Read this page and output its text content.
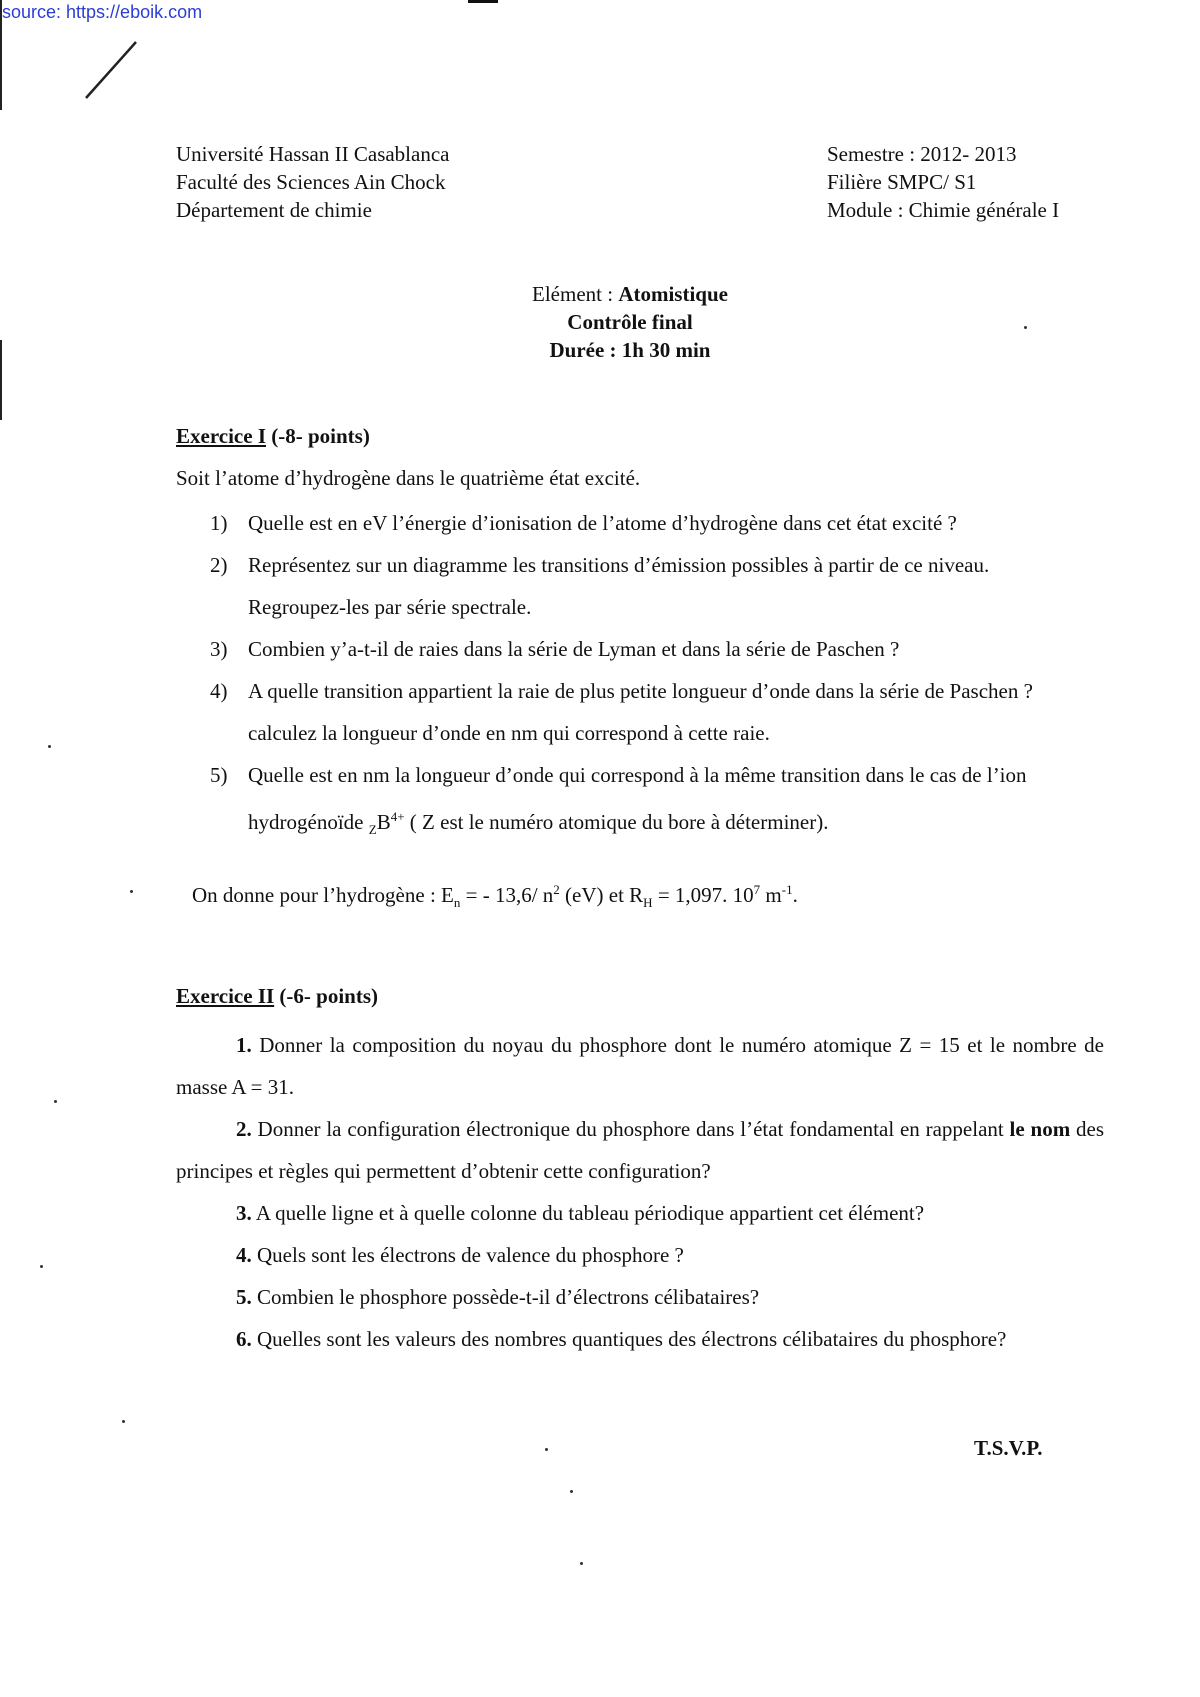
source: https://eboik.com
Université Hassan II Casablanca
Faculté des Sciences Ain Chock
Département de chimie
Semestre : 2012- 2013
Filière SMPC/ S1
Module : Chimie générale I
Elément : Atomistique
Contrôle final
Durée : 1h 30 min
Exercice I (-8- points)
Soit l’atome d’hydrogène dans le quatrième état excité.
1) Quelle est en eV l’énergie d’ionisation de l’atome d’hydrogène dans cet état excité ?
2) Représentez sur un diagramme les transitions d’émission possibles à partir de ce niveau. Regroupez-les par série spectrale.
3) Combien y’a-t-il de raies dans la série de Lyman et dans la série de Paschen ?
4) A quelle transition appartient la raie de plus petite longueur d’onde dans la série de Paschen ? calculez la longueur d’onde en nm qui correspond à cette raie.
5) Quelle est en nm la longueur d’onde qui correspond à la même transition dans le cas de l’ion hydrogénoïde $_ZB^{4+}$ ( Z est le numéro atomique du bore à déterminer).
On donne pour l’hydrogène : $E_n$ = - 13,6/ $n^2$ (eV) et $R_H = 1,097$. $10^7$ $m^{-1}$.
Exercice II (-6- points)

1. Donner la composition du noyau du phosphore dont le numéro atomique Z = 15 et le nombre de masse A = 31.

2. Donner la configuration électronique du phosphore dans l’état fondamental en rappelant le nom des principes et règles qui permettent d’obtenir cette configuration?

3. A quelle ligne et à quelle colonne du tableau périodique appartient cet élément?

4. Quels sont les électrons de valence du phosphore ?

5. Combien le phosphore possède-t-il d’électrons célibataires?

6. Quelles sont les valeurs des nombres quantiques des électrons célibataires du phosphore?

T.S.V.P.
